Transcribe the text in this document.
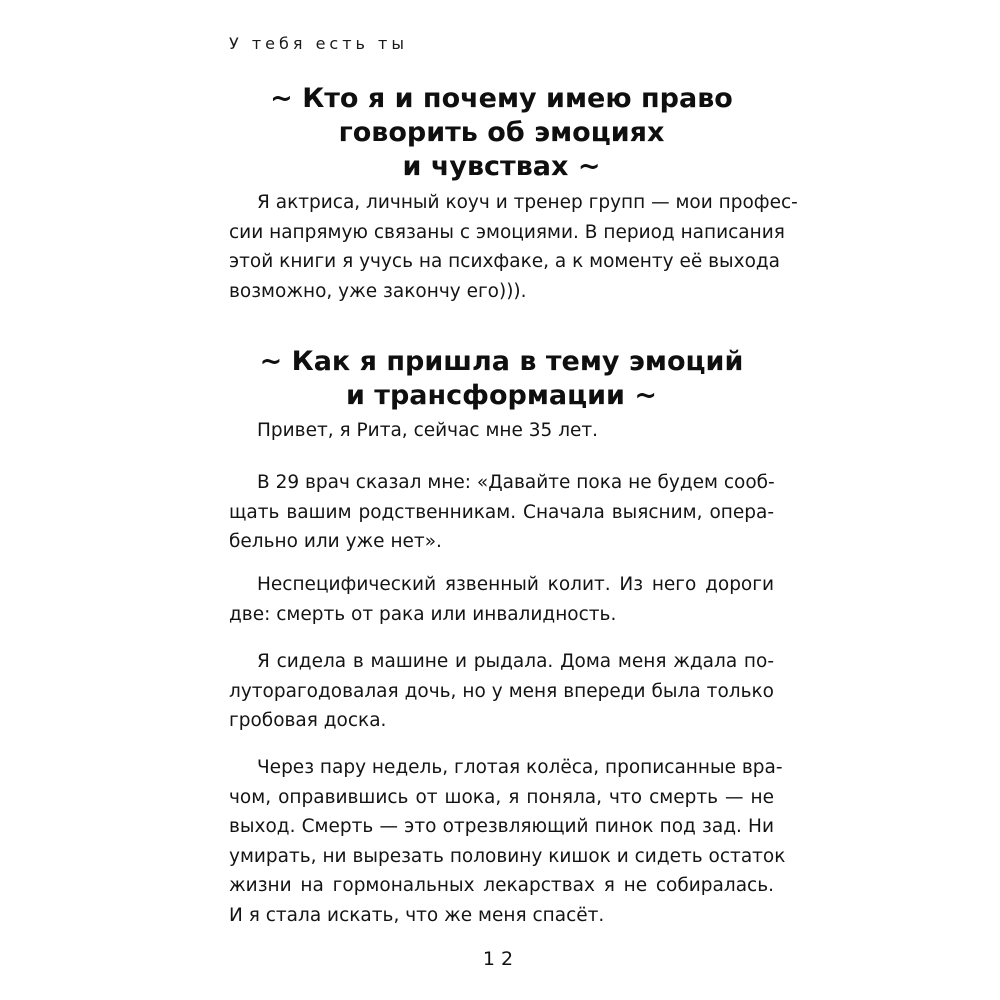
У тебя есть ты
~ Кто я и почему имею право
говорить об эмоциях
и чувствах ~

Я актриса, личный коуч и тренер групп — мои профес-
сии напрямую связаны с эмоциями. В период написания
этой книги я учусь на психфаке, а к моменту её выхода
возможно, уже закончу его))).

~ Как я пришла в тему эмоций
и трансформации ~

Привет, я Рита, сейчас мне 35 лет.

В 29 врач сказал мне: «Давайте пока не будем сооб-
щать вашим родственникам. Сначала выясним, опера-
бельно или уже нет».

Неспецифический язвенный колит. Из него дороги
две: смерть от рака или инвалидность.

Я сидела в машине и рыдала. Дома меня ждала по-
луторагодовалая дочь, но у меня впереди была только
гробовая доска.

Через пару недель, глотая колёса, прописанные вра-
чом, оправившись от шока, я поняла, что смерть — не
выход. Смерть — это отрезвляющий пинок под зад. Ни
умирать, ни вырезать половину кишок и сидеть остаток
жизни на гормональных лекарствах я не собиралась.
И я стала искать, что же меня спасёт.

12
